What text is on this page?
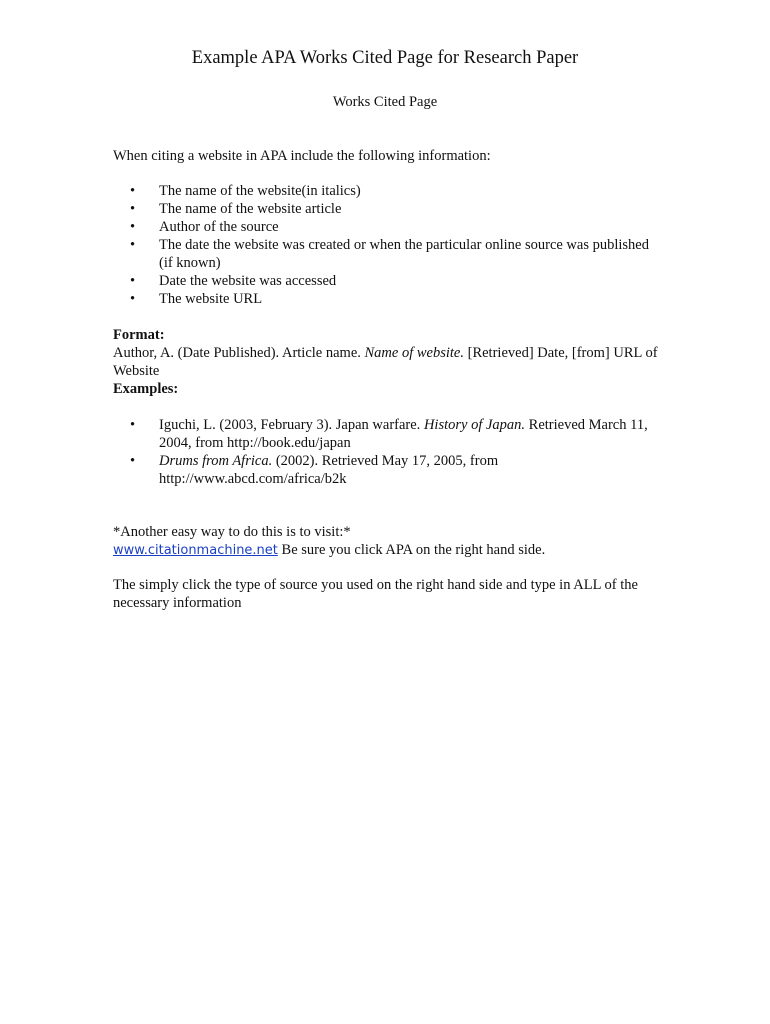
Example APA Works Cited Page for Research Paper
Works Cited Page
When citing a website in APA include the following information:
• The name of the website(in italics)
• The name of the website article
• Author of the source
• The date the website was created or when the particular online source was published (if known)
• Date the website was accessed
• The website URL
Format:
Author, A. (Date Published). Article name. Name of website. [Retrieved] Date, [from] URL of Website
Examples:
• Iguchi, L. (2003, February 3). Japan warfare. History of Japan. Retrieved March 11, 2004, from http://book.edu/japan
• Drums from Africa. (2002). Retrieved May 17, 2005, from http://www.abcd.com/africa/b2k
*Another easy way to do this is to visit:*
www.citationmachine.net Be sure you click APA on the right hand side.
The simply click the type of source you used on the right hand side and type in ALL of the necessary information
